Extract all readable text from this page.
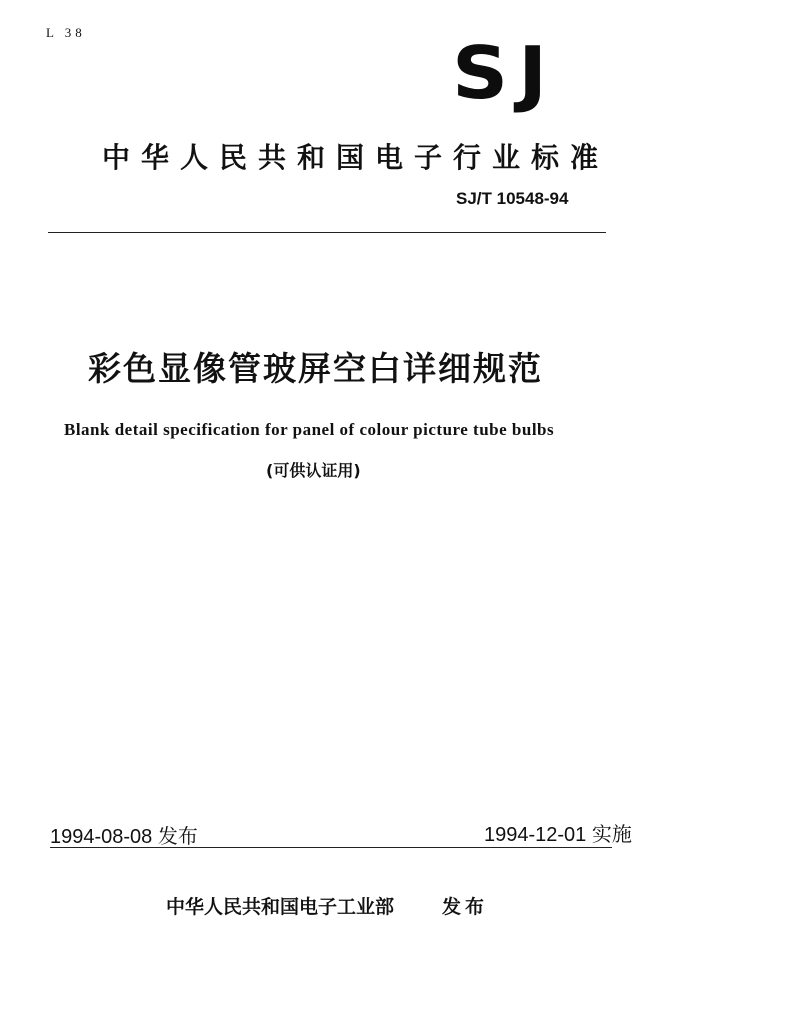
L 38	SJ
中华人民共和国电子行业标准
SJ/T 10548-94
彩色显像管玻屏空白详细规范
Blank detail specification for panel of colour picture tube bulbs
(可供认证用)
1994-08-08 发布	1994-12-01 实施
中华人民共和国电子工业部	发布
